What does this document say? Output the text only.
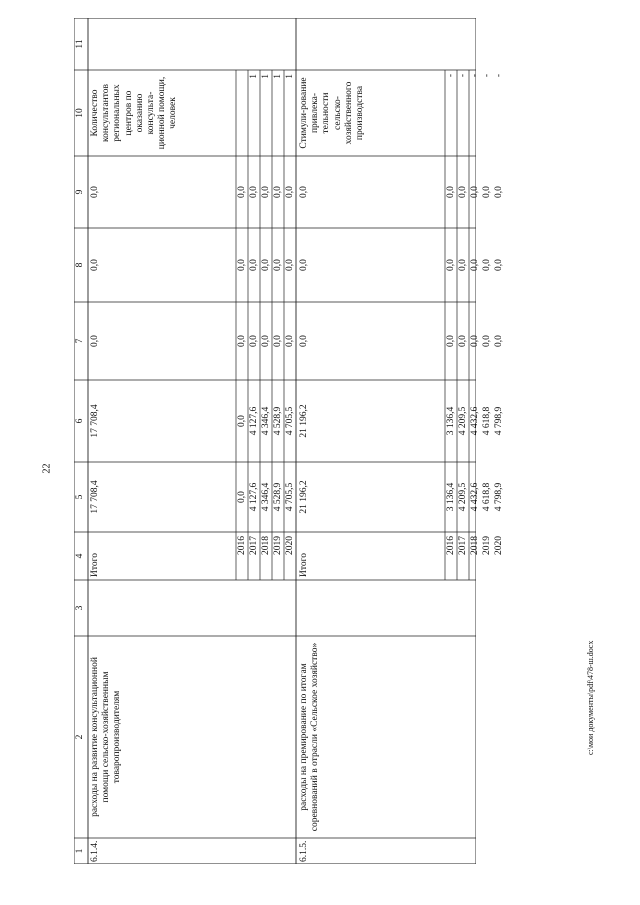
22
c:\мои документы\pdf\478-ш.docx
1
2
3
4
5
6
7
8
9
10
11
6.1.4.
расходы на развитие консультационной помощи сельско-хозяйственным товаропроизводителям
Итого
17 708,4
17 708,4
0,0
0,0
0,0
Количество консультантов региональных центров по оказанию консульта-ционной помощи, человек
2016
0,0
0,0
0,0
0,0
0,0
2017
4 127,6
4 127,6
0,0
0,0
0,0
1
2018
4 346,4
4 346,4
0,0
0,0
0,0
1
2019
4 528,9
4 528,9
0,0
0,0
0,0
1
2020
4 705,5
4 705,5
0,0
0,0
0,0
1
6.1.5.
расходы на премирование по итогам соревнований в отрасли «Сельское хозяйство»
Итого
21 196,2
21 196,2
0,0
0,0
0,0
Стимули-рование привлека-тельности сельско-хозяйственного производства
2016
3 136,4
3 136,4
0,0
0,0
0,0
-
2017
4 209,5
4 209,5
0,0
0,0
0,0
-
2018
4 432,6
4 432,6
0,0
0,0
0,0
-
2019
4 618,8
4 618,8
0,0
0,0
0,0
-
2020
4 798,9
4 798,9
0,0
0,0
0,0
-
